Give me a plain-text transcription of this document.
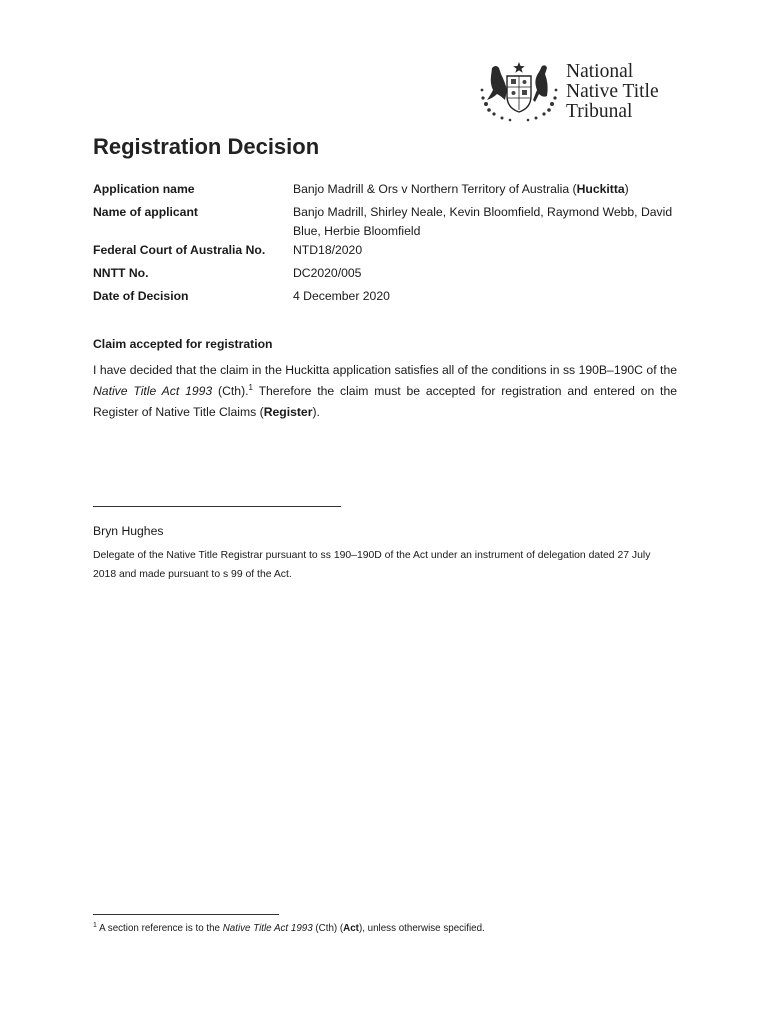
National
Native Title
Tribunal
Registration Decision
Application name	Banjo Madrill & Ors v Northern Territory of Australia (Huckitta)
Name of applicant	Banjo Madrill, Shirley Neale, Kevin Bloomfield, Raymond Webb, David Blue, Herbie Bloomfield
Federal Court of Australia No. NTD18/2020
NNTT No.	DC2020/005
Date of Decision	4 December 2020
Claim accepted for registration
I have decided that the claim in the Huckitta application satisfies all of the conditions in ss 190B–190C of the Native Title Act 1993 (Cth).$^1$ Therefore the claim must be accepted for registration and entered on the Register of Native Title Claims (Register).
Bryn Hughes
Delegate of the Native Title Registrar pursuant to ss 190–190D of the Act under an instrument of delegation dated 27 July 2018 and made pursuant to s 99 of the Act.
$^1$ A section reference is to the Native Title Act 1993 (Cth) (Act), unless otherwise specified.
